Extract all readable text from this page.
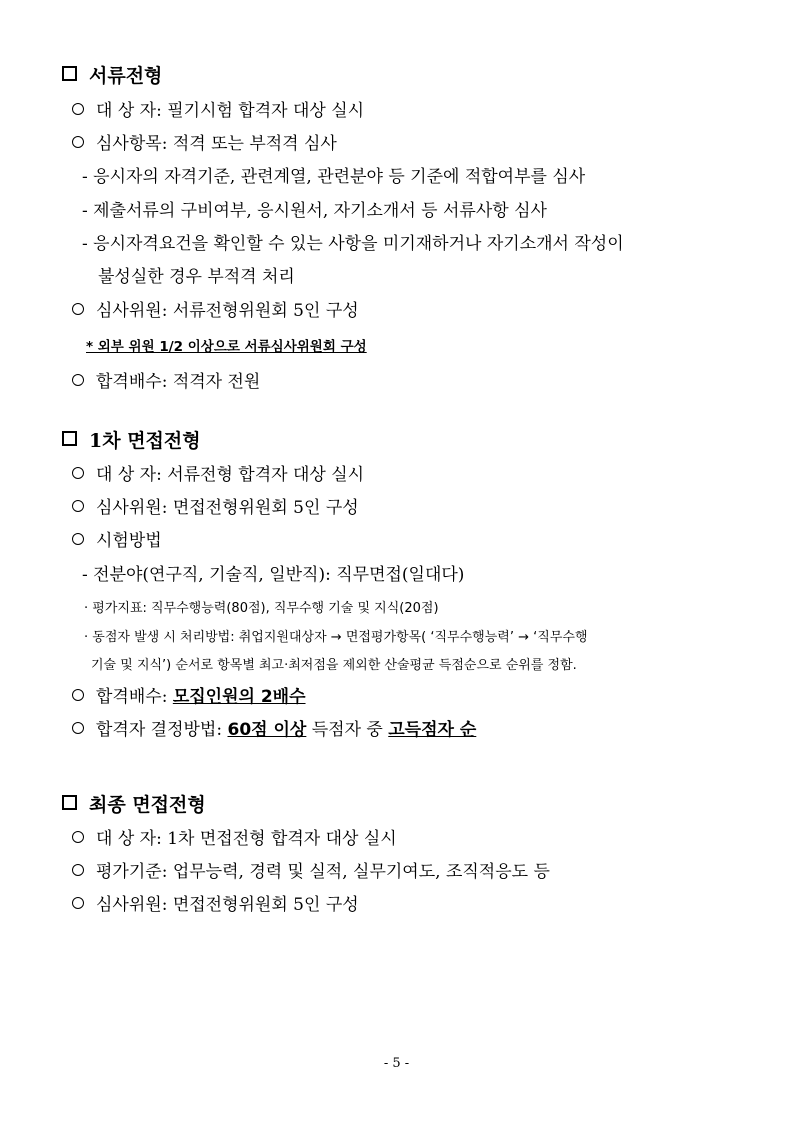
서류전형
대 상 자: 필기시험 합격자 대상 실시
심사항목: 적격 또는 부적격 심사
- 응시자의 자격기준, 관련계열, 관련분야 등 기준에 적합여부를 심사
- 제출서류의 구비여부, 응시원서, 자기소개서 등 서류사항 심사
- 응시자격요건을 확인할 수 있는 사항을 미기재하거나 자기소개서 작성이
불성실한 경우 부적격 처리
심사위원: 서류전형위원회 5인 구성
* 외부 위원 1/2 이상으로 서류심사위원회 구성
합격배수: 적격자 전원
1차 면접전형
대 상 자: 서류전형 합격자 대상 실시
심사위원: 면접전형위원회 5인 구성
시험방법
- 전분야(연구직, 기술직, 일반직): 직무면접(일대다)
· 평가지표: 직무수행능력(80점), 직무수행 기술 및 지식(20점)
· 동점자 발생 시 처리방법: 취업지원대상자 → 면접평가항목( ‘직무수행능력’ → ‘직무수행
기술 및 지식’) 순서로 항목별 최고·최저점을 제외한 산술평균 득점순으로 순위를 정함.
합격배수: 모집인원의 2배수
합격자 결정방법: 60점 이상 득점자 중 고득점자 순
최종 면접전형
대 상 자: 1차 면접전형 합격자 대상 실시
평가기준: 업무능력, 경력 및 실적, 실무기여도, 조직적응도 등
심사위원: 면접전형위원회 5인 구성
- 5 -
